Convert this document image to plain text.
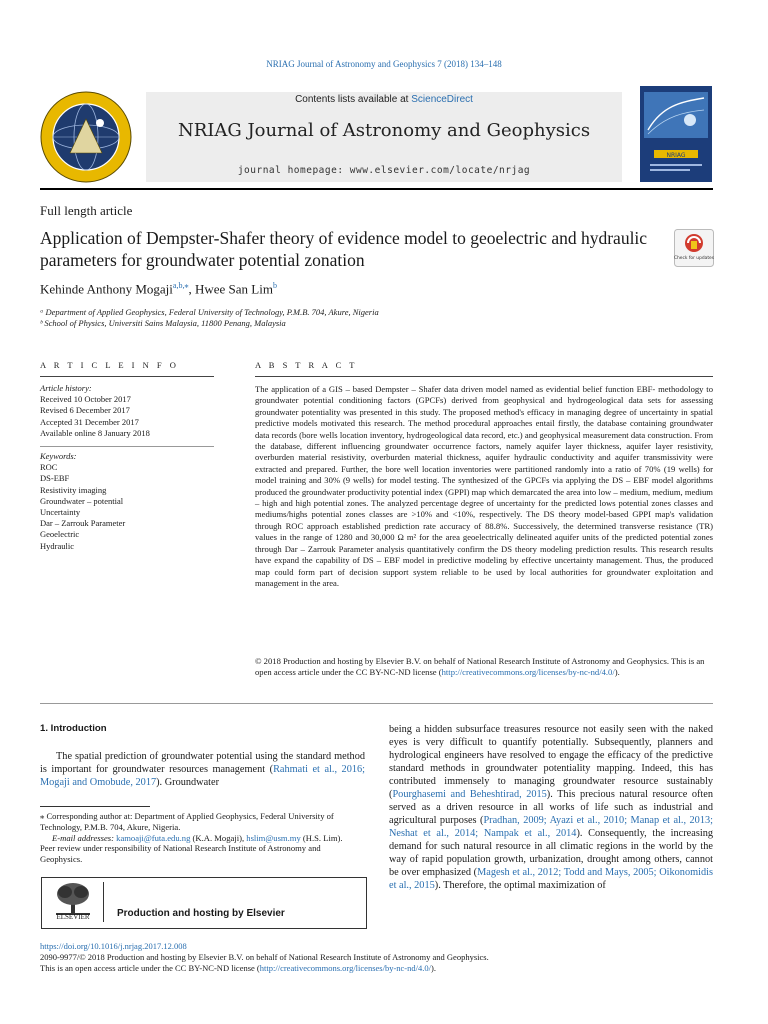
NRIAG Journal of Astronomy and Geophysics 7 (2018) 134–148
Contents lists available at ScienceDirect
NRIAG Journal of Astronomy and Geophysics
journal homepage: www.elsevier.com/locate/nrjag
NRIAG
Full length article
Application of Dempster-Shafer theory of evidence model to geoelectric and hydraulic parameters for groundwater potential zonation	Check for updates
Kehinde Anthony Mogaji$^{a,b,⁎}$, Hwee San Lim$^b$
ᵃ Department of Applied Geophysics, Federal University of Technology, P.M.B. 704, Akure, Nigeria
ᵇ School of Physics, Universiti Sains Malaysia, 11800 Penang, Malaysia
A R T I C L E I N F O
Article history:
Received 10 October 2017
Revised 6 December 2017
Accepted 31 December 2017
Available online 8 January 2018
Keywords:
ROC
DS-EBF
Resistivity imaging
Groundwater – potential
Uncertainty
Dar – Zarrouk Parameter
Geoelectric
Hydraulic
A B S T R A C T
The application of a GIS – based Dempster – Shafer data driven model named as evidential belief function EBF- methodology to groundwater potential conditioning factors (GPCFs) derived from geophysical and hydrogeological data sets for assessing groundwater potentiality was presented in this study. The proposed method's efficacy in managing degree of uncertainty in spatial predictive models motivated this research. The method procedural approaches entail firstly, the database containing groundwater data records (bore wells location inventory, hydrogeological data record, etc.) and geophysical measurement data construction. From the database, different influencing groundwater occurrence factors, namely aquifer layer thickness, aquifer layer resistivity, overburden material resistivity, overburden material thickness, aquifer hydraulic conductivity and aquifer transmissivity were extracted and prepared. Further, the bore well location inventories were partitioned randomly into a ratio of 70% (19 wells) for model training and 30% (9 wells) for model testing. The synthesized of the GPCFs via applying the DS – EBF model algorithms produced the groundwater productivity potential index (GPPI) map which demarcated the area into low – medium, medium, medium – high and high potential zones. The analyzed percentage degree of uncertainty for the predicted lows potential zones classes and mediums/highs potential zones classes are >10% and <10%, respectively. The DS theory model-based GPPI map's validation through ROC approach established prediction rate accuracy of 88.8%. Successively, the determined transverse resistance (TR) values in the range of 1280 and 30,000 Ω m² for the area geoelectrically delineated aquifer units of the predicted potential zones through Dar – Zarrouk Parameter analysis quantitatively confirm the DS theory modeling prediction results. This research results have expand the capability of DS – EBF model in predictive modeling by effective uncertainty management. Thus, the produced map could form part of decision support system reliable to be used by local authorities for groundwater exploitation and management in the area.
© 2018 Production and hosting by Elsevier B.V. on behalf of National Research Institute of Astronomy and Geophysics. This is an open access article under the CC BY-NC-ND license (http://creativecommons.org/licenses/by-nc-nd/4.0/).
1. Introduction

The spatial prediction of groundwater potential using the standard method is important for groundwater resources management (Rahmati et al., 2016; Mogaji and Omobude, 2017). Groundwater

being a hidden subsurface treasures resource not easily seen with the naked eyes is very difficult to quantify potentially. Subsequently, planners and hydrological engineers have resolved to engage the efficacy of the predictive standard methods in groundwater potentiality mapping. Indeed, this has contributed immensely to managing groundwater resource sustainably (Pourghasemi and Beheshtirad, 2015). This precious natural resource often served as a driven resource in all works of life such as industrial and agricultural purposes (Pradhan, 2009; Ayazi et al., 2010; Manap et al., 2013; Neshat et al., 2014; Nampak et al., 2014). Consequently, the increasing demand for such natural resource in all climatic regions in the world by the way of rapid population growth, urbanization, drought among others, cannot be over emphasized (Magesh et al., 2012; Todd and Mays, 2005; Oikonomidis et al., 2015). Therefore, the optimal maximization of

⁎ Corresponding author at: Department of Applied Geophysics, Federal University of Technology, P.M.B. 704, Akure, Nigeria.

E-mail addresses: kamoaji@futa.edu.ng (K.A. Mogaji), hslim@usm.my (H.S. Lim).

Peer review under responsibility of National Research Institute of Astronomy and Geophysics.

ELSEVIER	Production and hosting by Elsevier

https://doi.org/10.1016/j.nrjag.2017.12.008

2090-9977/© 2018 Production and hosting by Elsevier B.V. on behalf of National Research Institute of Astronomy and Geophysics.

This is an open access article under the CC BY-NC-ND license (http://creativecommons.org/licenses/by-nc-nd/4.0/).
